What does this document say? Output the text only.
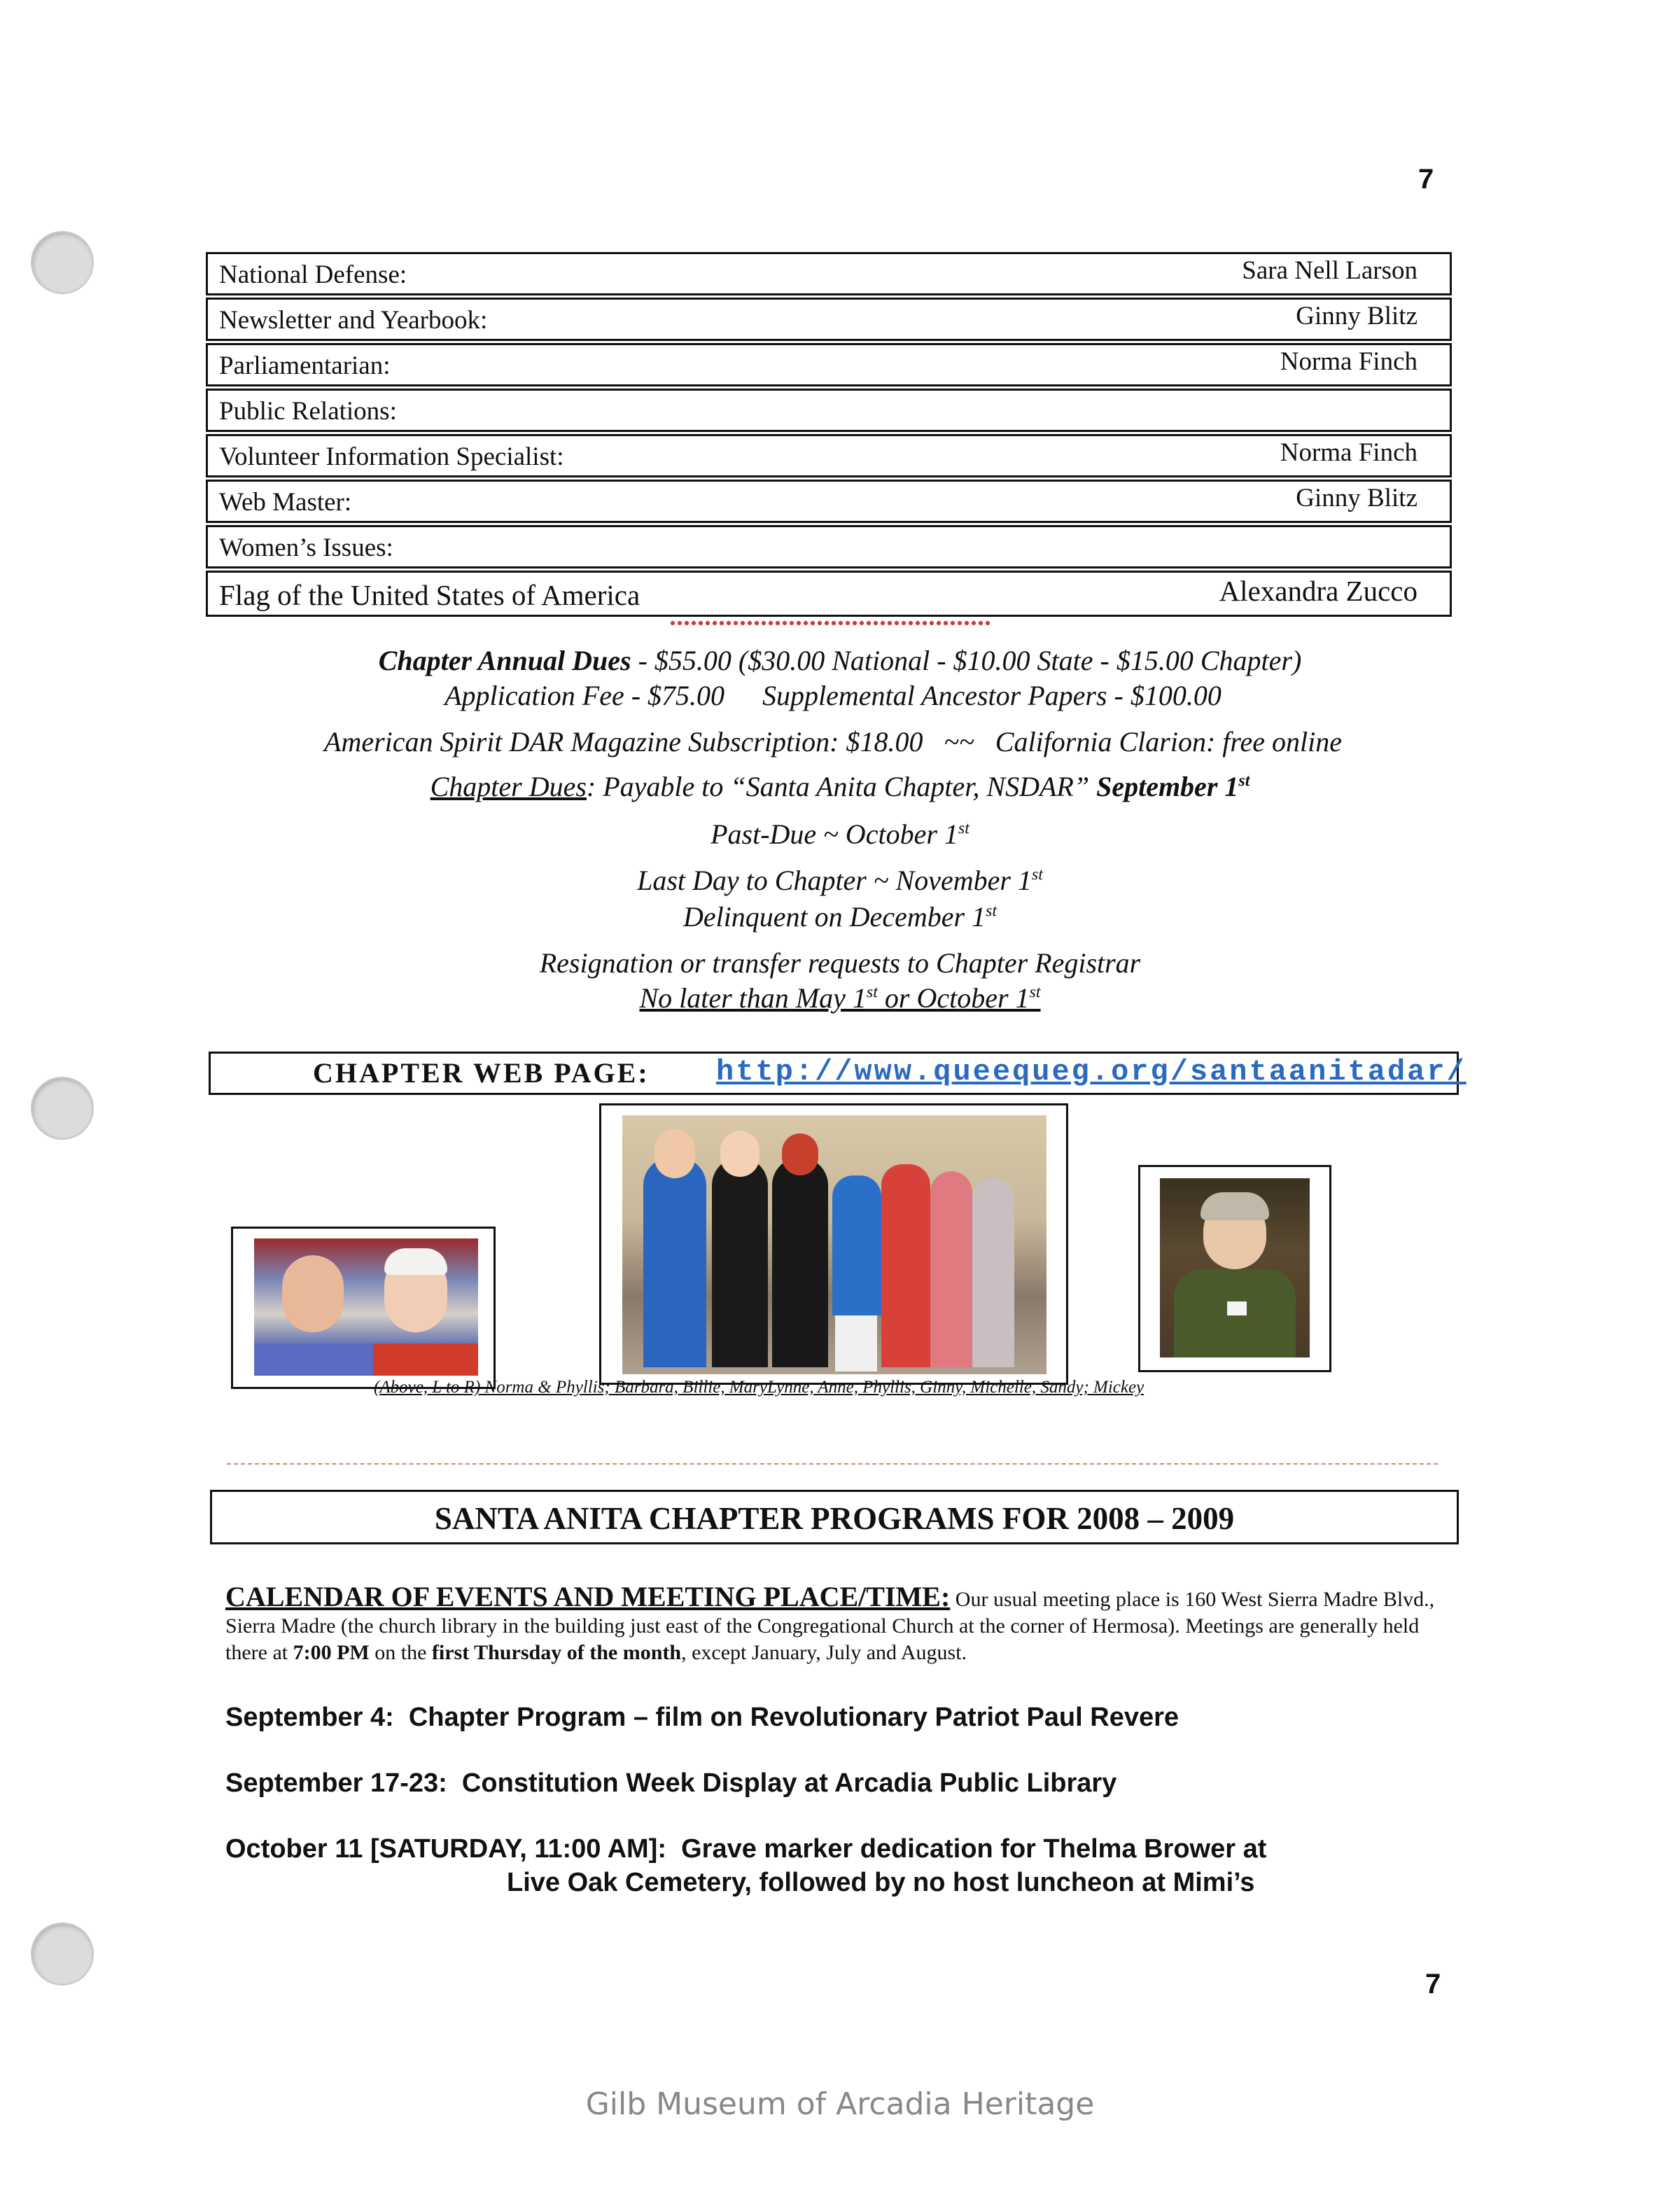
7
National Defense:	Sara Nell Larson
Newsletter and Yearbook:	Ginny Blitz
Parliamentarian:	Norma Finch
Public Relations:
Volunteer Information Specialist:	Norma Finch
Web Master:	Ginny Blitz
Women’s Issues:
Flag of the United States of America	Alexandra Zucco
Chapter Annual Dues - $55.00 ($30.00 National - $10.00 State - $15.00 Chapter)
Application Fee - $75.00 Supplemental Ancestor Papers - $100.00
American Spirit DAR Magazine Subscription: $18.00   ~~   California Clarion: free online
Chapter Dues: Payable to “Santa Anita Chapter, NSDAR” September 1st
Past-Due ~ October 1st
Last Day to Chapter ~ November 1st
Delinquent on December 1st
Resignation or transfer requests to Chapter Registrar
No later than May 1st or October 1st
CHAPTER WEB PAGE: http://www.queequeg.org/santaanitadar/
(Above, L to R) Norma & Phyllis; Barbara, Billie, MaryLynne, Anne, Phyllis, Ginny, Michelle, Sandy; Mickey
SANTA ANITA CHAPTER PROGRAMS FOR 2008 – 2009
CALENDAR OF EVENTS AND MEETING PLACE/TIME: Our usual meeting place is 160 West Sierra Madre Blvd., Sierra Madre (the church library in the building just east of the Congregational Church at the corner of Hermosa). Meetings are generally held there at 7:00 PM on the first Thursday of the month, except January, July and August.
September 4:  Chapter Program – film on Revolutionary Patriot Paul Revere
September 17-23:  Constitution Week Display at Arcadia Public Library
October 11 [SATURDAY, 11:00 AM]:  Grave marker dedication for Thelma Brower at
Live Oak Cemetery, followed by no host luncheon at Mimi’s
7
Gilb Museum of Arcadia Heritage
